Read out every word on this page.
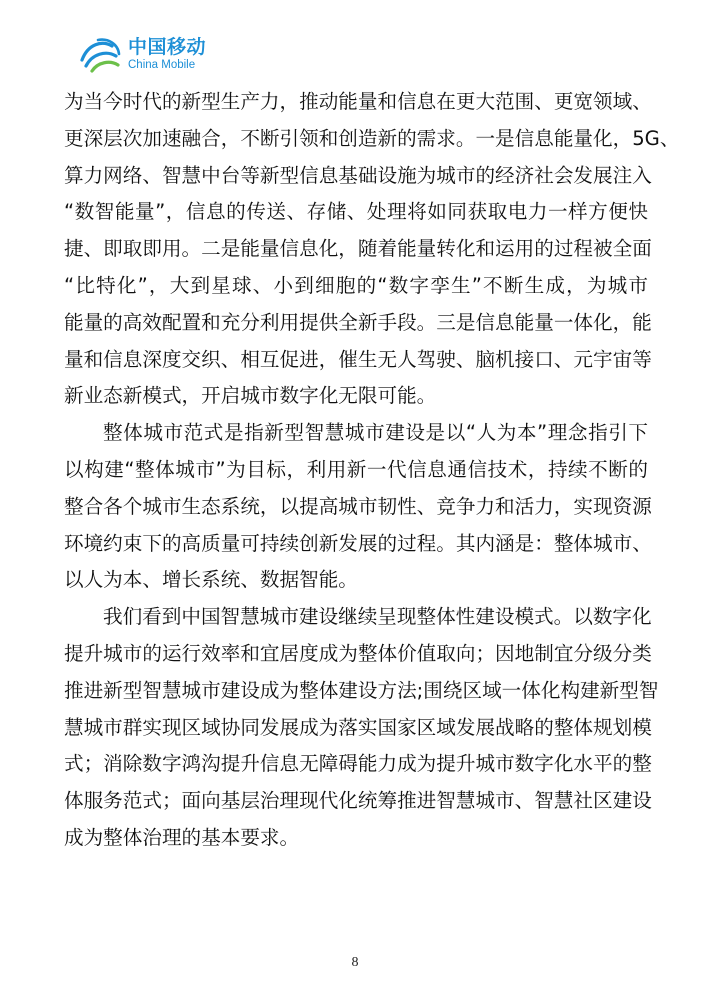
中国移动
China Mobile
为当今时代的新型生产力，推动能量和信息在更大范围、更宽领域、
更深层次加速融合，不断引领和创造新的需求。一是信息能量化，5G、
算力网络、智慧中台等新型信息基础设施为城市的经济社会发展注入
“数智能量”，信息的传送、存储、处理将如同获取电力一样方便快
捷、即取即用。二是能量信息化，随着能量转化和运用的过程被全面
“比特化”，大到星球、小到细胞的“数字孪生”不断生成，为城市
能量的高效配置和充分利用提供全新手段。三是信息能量一体化，能
量和信息深度交织、相互促进，催生无人驾驶、脑机接口、元宇宙等
新业态新模式，开启城市数字化无限可能。
整体城市范式是指新型智慧城市建设是以“人为本”理念指引下
以构建“整体城市”为目标，利用新一代信息通信技术，持续不断的
整合各个城市生态系统，以提高城市韧性、竞争力和活力，实现资源
环境约束下的高质量可持续创新发展的过程。其内涵是：整体城市、
以人为本、增长系统、数据智能。
我们看到中国智慧城市建设继续呈现整体性建设模式。以数字化
提升城市的运行效率和宜居度成为整体价值取向；因地制宜分级分类
推进新型智慧城市建设成为整体建设方法;围绕区域一体化构建新型智
慧城市群实现区域协同发展成为落实国家区域发展战略的整体规划模
式；消除数字鸿沟提升信息无障碍能力成为提升城市数字化水平的整
体服务范式；面向基层治理现代化统筹推进智慧城市、智慧社区建设
成为整体治理的基本要求。
8
